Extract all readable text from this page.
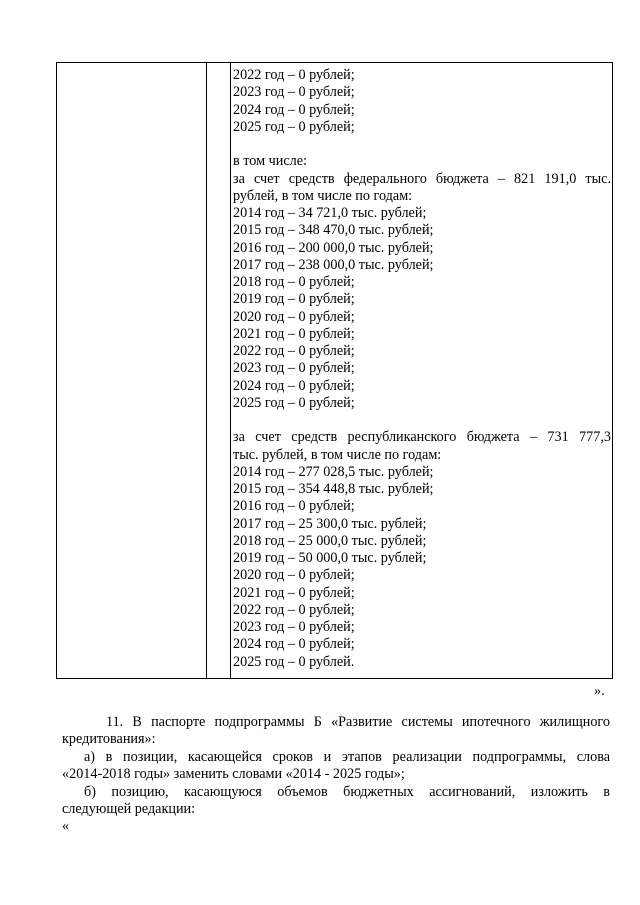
2022 год – 0 рублей;
2023 год – 0 рублей;
2024 год – 0 рублей;
2025 год – 0 рублей;
в том числе:
за счет средств федерального бюджета – 821 191,0 тыс.
рублей, в том числе по годам:
2014 год – 34 721,0 тыс. рублей;
2015 год – 348 470,0 тыс. рублей;
2016 год – 200 000,0 тыс. рублей;
2017 год – 238 000,0 тыс. рублей;
2018 год – 0 рублей;
2019 год – 0 рублей;
2020 год – 0 рублей;
2021 год – 0 рублей;
2022 год – 0 рублей;
2023 год – 0 рублей;
2024 год – 0 рублей;
2025 год – 0 рублей;
за счет средств республиканского бюджета – 731 777,3
тыс. рублей, в том числе по годам:
2014 год – 277 028,5 тыс. рублей;
2015 год – 354 448,8 тыс. рублей;
2016 год – 0 рублей;
2017 год – 25 300,0 тыс. рублей;
2018 год – 25 000,0 тыс. рублей;
2019 год – 50 000,0 тыс. рублей;
2020 год – 0 рублей;
2021 год – 0 рублей;
2022 год – 0 рублей;
2023 год – 0 рублей;
2024 год – 0 рублей;
2025 год – 0 рублей.
».
11. В паспорте подпрограммы Б «Развитие системы ипотечного жилищного
кредитования»:
а) в позиции, касающейся сроков и этапов реализации подпрограммы, слова
«2014-2018 годы» заменить словами «2014 - 2025 годы»;
б) позицию, касающуюся объемов бюджетных ассигнований, изложить в
следующей редакции:
«
